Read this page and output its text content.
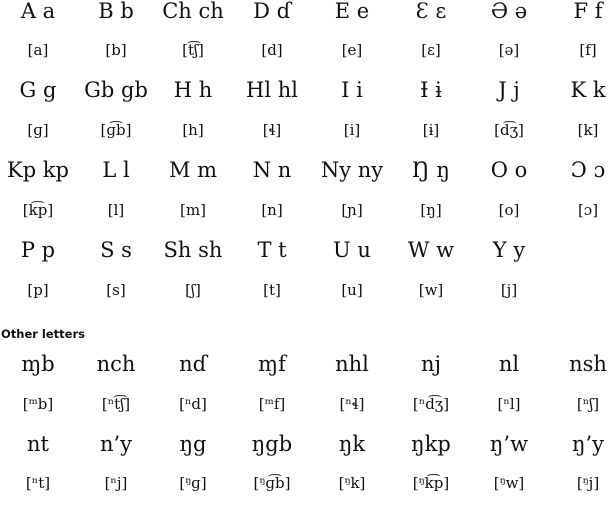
A a	B b	Ch ch	D ɗ	E e	Ɛ ɛ	Ə ə	F f
[a]	[b]	[t͡ʃ]	[d]	[e]	[ɛ]	[ə]	[f]
G g	Gb gb	H h	Hl hl	I i	Ɨ ɨ	J j	K k
[ɡ]	[ɡ͡b]	[h]	[ɬ]	[i]	[ɨ]	[d͡ʒ]	[k]
Kp kp	L l	M m	N n	Ny ny	Ŋ ŋ	O o	Ɔ ɔ
[k͡p]	[l]	[m]	[n]	[ɲ]	[ŋ]	[o]	[ɔ]
P p	S s	Sh sh	T t	U u	W w	Y y
[p]	[s]	[ʃ]	[t]	[u]	[w]	[j]
Other letters
ɱb	nch	nɗ	ɱf	nhl	nj	nl	nsh
[ᵐb]	[ⁿt͡ʃ]	[ⁿd]	[ᵐf]	[ⁿɬ]	[ⁿd͡ʒ]	[ⁿl]	[ⁿʃ]
nt	n’y	ŋg	ŋgb	ŋk	ŋkp	ŋ’w	ŋ’y
[ⁿt]	[ⁿj]	[ᵑɡ]	[ᵑɡ͡b]	[ᵑk]	[ᵑk͡p]	[ᵑw]	[ᵑj]
